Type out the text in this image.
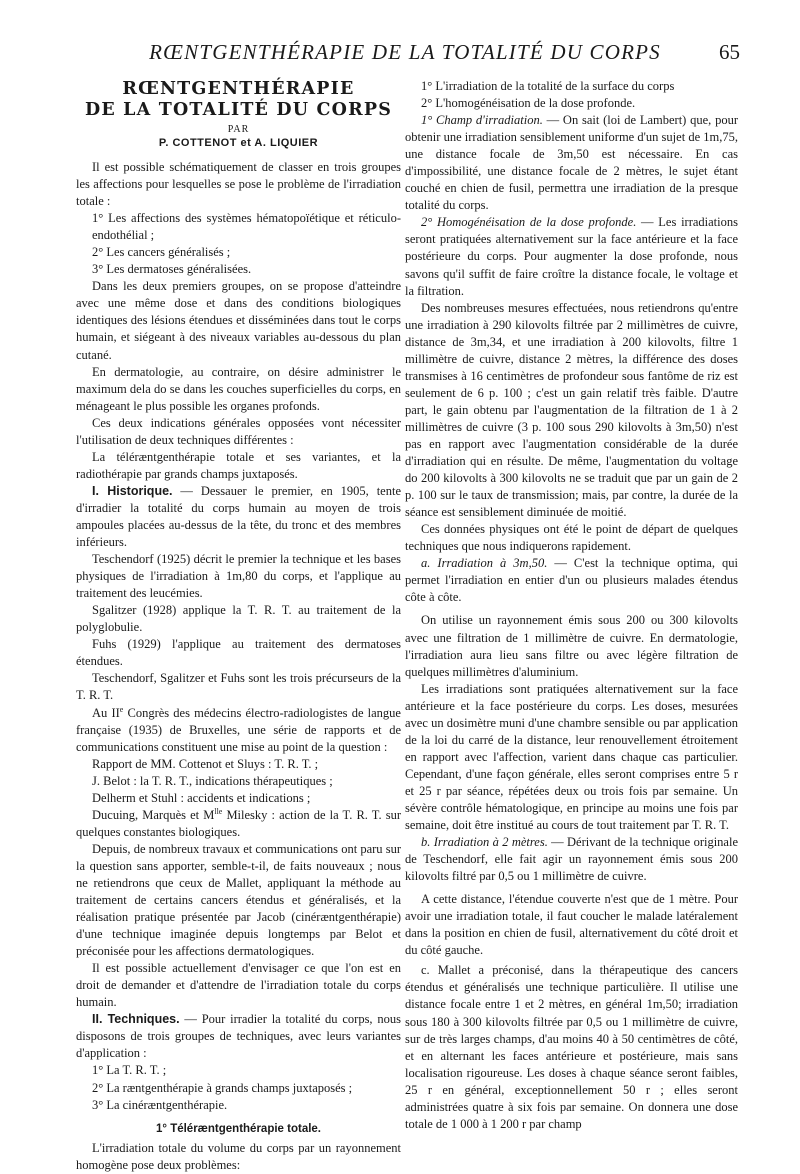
RŒNTGENTHÉRAPIE DE LA TOTALITÉ DU CORPS	65

RŒNTGENTHÉRAPIE

DE LA TOTALITÉ DU CORPS

PAR

P. COTTENOT et A. LIQUIER

Il est possible schématiquement de classer en trois groupes les affections pour lesquelles se pose le problème de l'irradiation totale :

1° Les affections des systèmes hématopoïétique et réticulo-endothélial ;

2° Les cancers généralisés ;

3° Les dermatoses généralisées.

Dans les deux premiers groupes, on se propose d'atteindre avec une même dose et dans des conditions biologiques identiques des lésions étendues et disséminées dans tout le corps humain, et siégeant à des niveaux variables au-dessous du plan cutané.

En dermatologie, au contraire, on désire administrer le maximum dela do se dans les couches superficielles du corps, en ménageant le plus possible les organes profonds.

Ces deux indications générales opposées vont nécessiter l'utilisation de deux techniques différentes :

La téléræntgenthérapie totale et ses variantes, et la radiothérapie par grands champs juxtaposés.

I. Historique. — Dessauer le premier, en 1905, tente d'irradier la totalité du corps humain au moyen de trois ampoules placées au-dessus de la tête, du tronc et des membres inférieurs.

Teschendorf (1925) décrit le premier la technique et les bases physiques de l'irradiation à 1m,80 du corps, et l'applique au traitement des leucémies.

Sgalitzer (1928) applique la T. R. T. au traitement de la polyglobulie.

Fuhs (1929) l'applique au traitement des dermatoses étendues.

Teschendorf, Sgalitzer et Fuhs sont les trois précurseurs de la T. R. T.

Au IIe Congrès des médecins électro-radiologistes de langue française (1935) de Bruxelles, une série de rapports et de communications constituent une mise au point de la question :

Rapport de MM. Cottenot et Sluys : T. R. T. ;

J. Belot : la T. R. T., indications thérapeutiques ;

Delherm et Stuhl : accidents et indications ;

Ducuing, Marquès et $M^{lle}$ Milesky : action de la T. R. T. sur quelques constantes biologiques.

Depuis, de nombreux travaux et communications ont paru sur la question sans apporter, semble-t-il, de faits nouveaux ; nous ne retiendrons que ceux de Mallet, appliquant la méthode au traitement de certains cancers étendus et généralisés, et la réalisation pratique présentée par Jacob (cinéræntgenthérapie) d'une technique imaginée depuis longtemps par Belot et préconisée pour les affections dermatologiques.

Il est possible actuellement d'envisager ce que l'on est en droit de demander et d'attendre de l'irradiation totale du corps humain.

II. Techniques. — Pour irradier la totalité du corps, nous disposons de trois groupes de techniques, avec leurs variantes d'application :

1° La T. R. T. ;

2° La ræntgenthérapie à grands champs juxtaposés ;

3° La cinéræntgenthérapie.

1° Téléræntgenthérapie totale.

L'irradiation totale du volume du corps par un rayonnement homogène pose deux problèmes:

1° L'irradiation de la totalité de la surface du corps

2° L'homogénéisation de la dose profonde.

1° Champ d'irradiation. — On sait (loi de Lambert) que, pour obtenir une irradiation sensiblement uniforme d'un sujet de 1m,75, une distance focale de 3m,50 est nécessaire. En cas d'impossibilité, une distance focale de 2 mètres, le sujet étant couché en chien de fusil, permettra une irradiation de la presque totalité du corps.

2° Homogénéisation de la dose profonde. — Les irradiations seront pratiquées alternativement sur la face antérieure et la face postérieure du corps. Pour augmenter la dose profonde, nous savons qu'il suffit de faire croître la distance focale, le voltage et la filtration.

Des nombreuses mesures effectuées, nous retiendrons qu'entre une irradiation à 290 kilovolts filtrée par 2 millimètres de cuivre, distance de 3m,34, et une irradiation à 200 kilovolts, filtre 1 millimètre de cuivre, distance 2 mètres, la différence des doses transmises à 16 centimètres de profondeur sous fantôme de riz est seulement de 6 p. 100 ; c'est un gain relatif très faible. D'autre part, le gain obtenu par l'augmentation de la filtration de 1 à 2 millimètres de cuivre (3 p. 100 sous 290 kilovolts à 3m,50) n'est pas en rapport avec l'augmentation considérable de la durée d'irradiation qui en résulte. De même, l'augmentation du voltage do 200 kilovolts à 300 kilovolts ne se traduit que par un gain de 2 p. 100 sur le taux de transmission; mais, par contre, la durée de la séance est sensiblement diminuée de moitié.

Ces données physiques ont été le point de départ de quelques techniques que nous indiquerons rapidement.

a. Irradiation à 3m,50. — C'est la technique optima, qui permet l'irradiation en entier d'un ou plusieurs malades étendus côte à côte.

On utilise un rayonnement émis sous 200 ou 300 kilovolts avec une filtration de 1 millimètre de cuivre. En dermatologie, l'irradiation aura lieu sans filtre ou avec légère filtration de quelques millimètres d'aluminium.

Les irradiations sont pratiquées alternativement sur la face antérieure et la face postérieure du corps. Les doses, mesurées avec un dosimètre muni d'une chambre sensible ou par application de la loi du carré de la distance, leur renouvellement étroitement en rapport avec l'affection, varient dans chaque cas particulier. Cependant, d'une façon générale, elles seront comprises entre 5 r et 25 r par séance, répétées deux ou trois fois par semaine. Un sévère contrôle hématologique, en principe au moins une fois par semaine, doit être institué au cours de tout traitement par T. R. T.

b. Irradiation à 2 mètres. — Dérivant de la technique originale de Teschendorf, elle fait agir un rayonnement émis sous 200 kilovolts filtré par 0,5 ou 1 millimètre de cuivre.

A cette distance, l'étendue couverte n'est que de 1 mètre. Pour avoir une irradiation totale, il faut coucher le malade latéralement dans la position en chien de fusil, alternativement du côté droit et du côté gauche.

c. Mallet a préconisé, dans la thérapeutique des cancers étendus et généralisés une technique particulière. Il utilise une distance focale entre 1 et 2 mètres, en général 1m,50; irradiation sous 180 à 300 kilovolts filtrée par 0,5 ou 1 millimètre de cuivre, sur de très larges champs, d'au moins 40 à 50 centimètres de côté, et en alternant les faces antérieure et postérieure, mais sans localisation rigoureuse. Les doses à chaque séance seront faibles, 25 r en général, exceptionnellement 50 r ; elles seront administrées quatre à six fois par semaine. On donnera une dose totale de 1 000 à 1 200 r par champ
